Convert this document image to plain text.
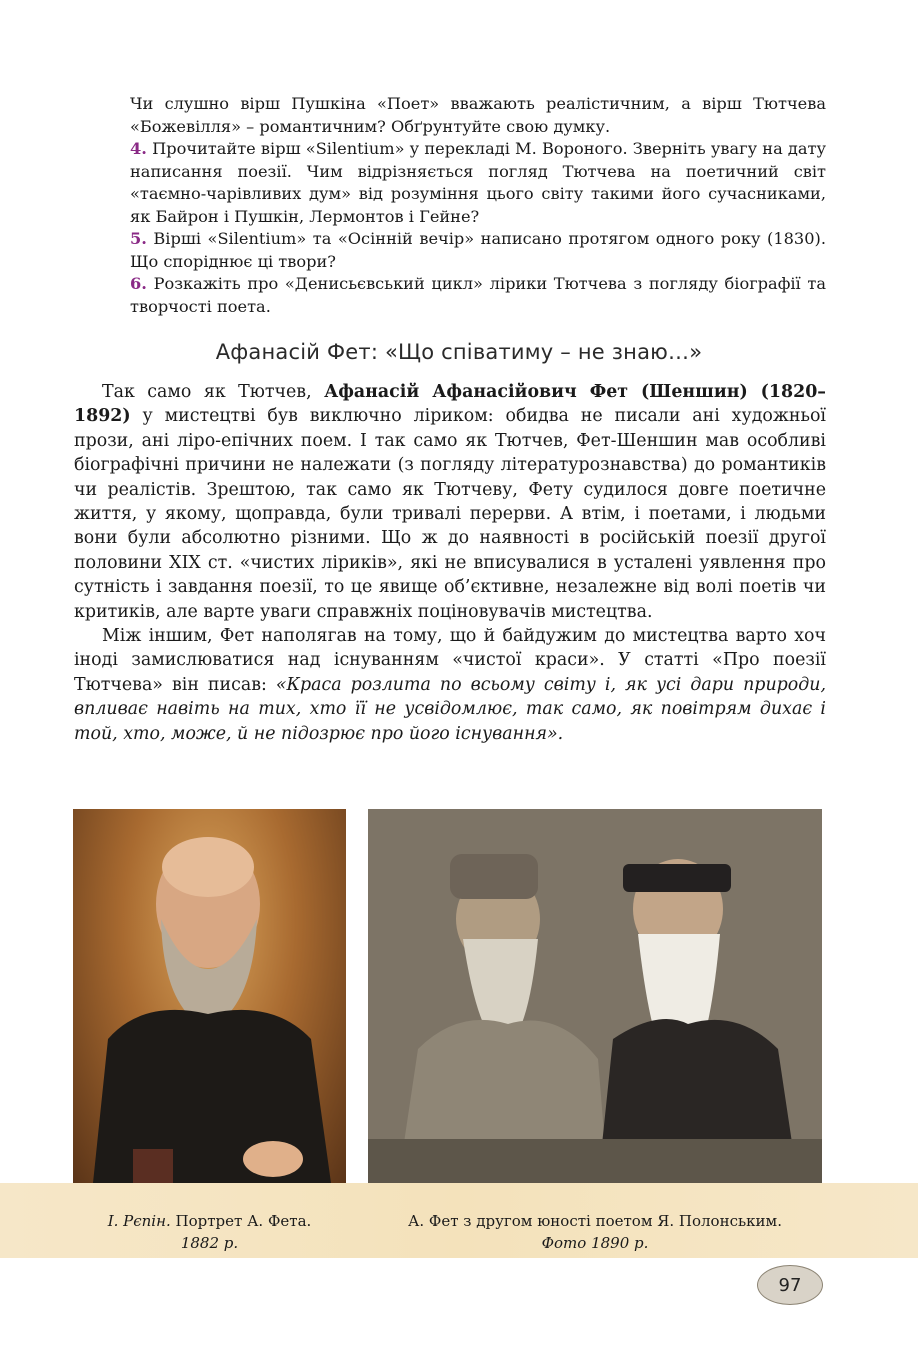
Чи слушно вірш Пушкіна «Поет» вважають реалістичним, а вірш Тютчева «Божевілля» – романтичним? Обґрунтуйте свою думку.

4. Прочитайте вірш «Silentium» у перекладі М. Вороного. Зверніть увагу на дату написання поезії. Чим відрізняється погляд Тютчева на поетичний світ «таємно-чарівливих дум» від розуміння цього світу такими його сучасниками, як Байрон і Пушкін, Лермонтов і Гейне?

5. Вірші «Silentium» та «Осінній вечір» написано протягом одного року (1830). Що споріднює ці твори?

6. Розкажіть про «Денисьєвський цикл» лірики Тютчева з погляду біографії та творчості поета.

Афанасій Фет: «Що співатиму – не знаю…»

Так само як Тютчев, Афанасій Афанасійович Фет (Шеншин) (1820–1892) у мистецтві був виключно ліриком: обидва не писали ані художньої прози, ані ліро-епічних поем. І так само як Тютчев, Фет-Шеншин мав особливі біографічні причини не належати (з погляду літературознавства) до романтиків чи реалістів. Зрештою, так само як Тютчеву, Фету судилося довге поетичне життя, у якому, щоправда, були тривалі перерви. А втім, і поетами, і людьми вони були абсолютно різними. Що ж до наявності в російській поезії другої половини XIX ст. «чистих ліриків», які не вписувалися в усталені уявлення про сутність і завдання поезії, то це явище об’єктивне, незалежне від волі поетів чи критиків, але варте уваги справжніх поціновувачів мистецтва.

Між іншим, Фет наполягав на тому, що й байдужим до мистецтва варто хоч іноді замислюватися над існуванням «чистої краси». У статті «Про поезії Тютчева» він писав: «Краса розлита по всьому світу і, як усі дари природи, впливає навіть на тих, хто її не усвідомлює, так само, як повітрям дихає і той, хто, може, й не підозрює про його існування».

І. Рєпін. Портрет А. Фета.
1882 р.
А. Фет з другом юності поетом Я. Полонським.
Фото 1890 р.
97
